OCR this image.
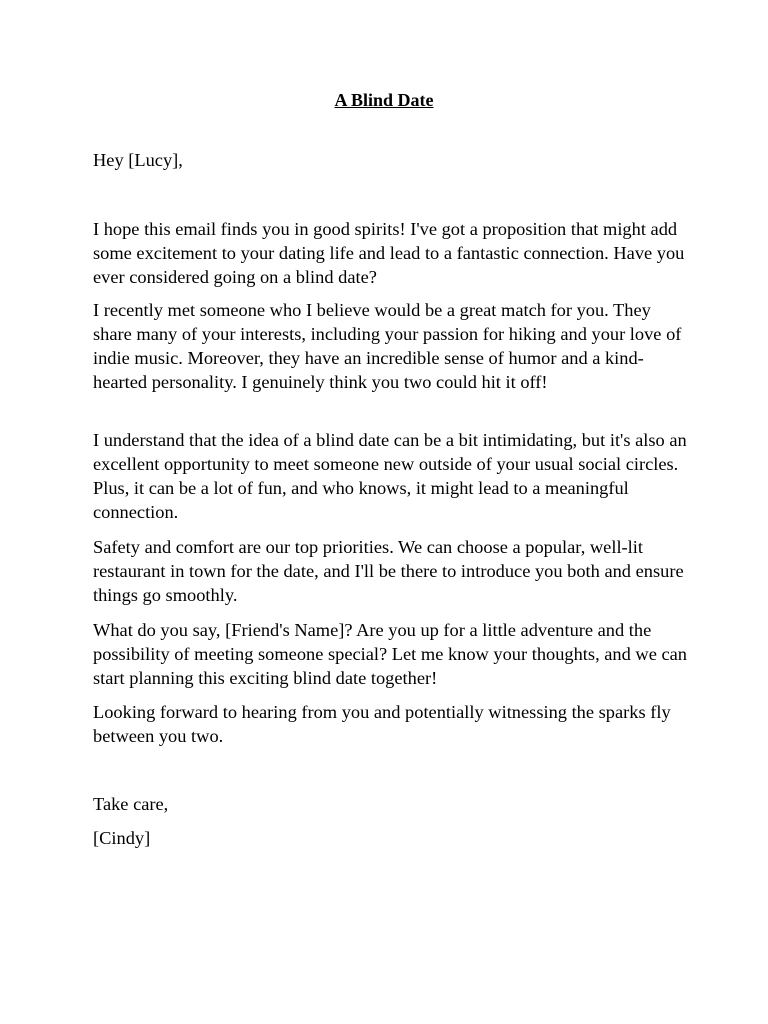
A Blind Date

Hey [Lucy],

I hope this email finds you in good spirits! I've got a proposition that might add some excitement to your dating life and lead to a fantastic connection. Have you ever considered going on a blind date?

I recently met someone who I believe would be a great match for you. They share many of your interests, including your passion for hiking and your love of indie music. Moreover, they have an incredible sense of humor and a kind-hearted personality. I genuinely think you two could hit it off!

I understand that the idea of a blind date can be a bit intimidating, but it's also an excellent opportunity to meet someone new outside of your usual social circles. Plus, it can be a lot of fun, and who knows, it might lead to a meaningful connection.

Safety and comfort are our top priorities. We can choose a popular, well-lit restaurant in town for the date, and I'll be there to introduce you both and ensure things go smoothly.

What do you say, [Friend's Name]? Are you up for a little adventure and the possibility of meeting someone special? Let me know your thoughts, and we can start planning this exciting blind date together!

Looking forward to hearing from you and potentially witnessing the sparks fly between you two.

Take care,

[Cindy]
